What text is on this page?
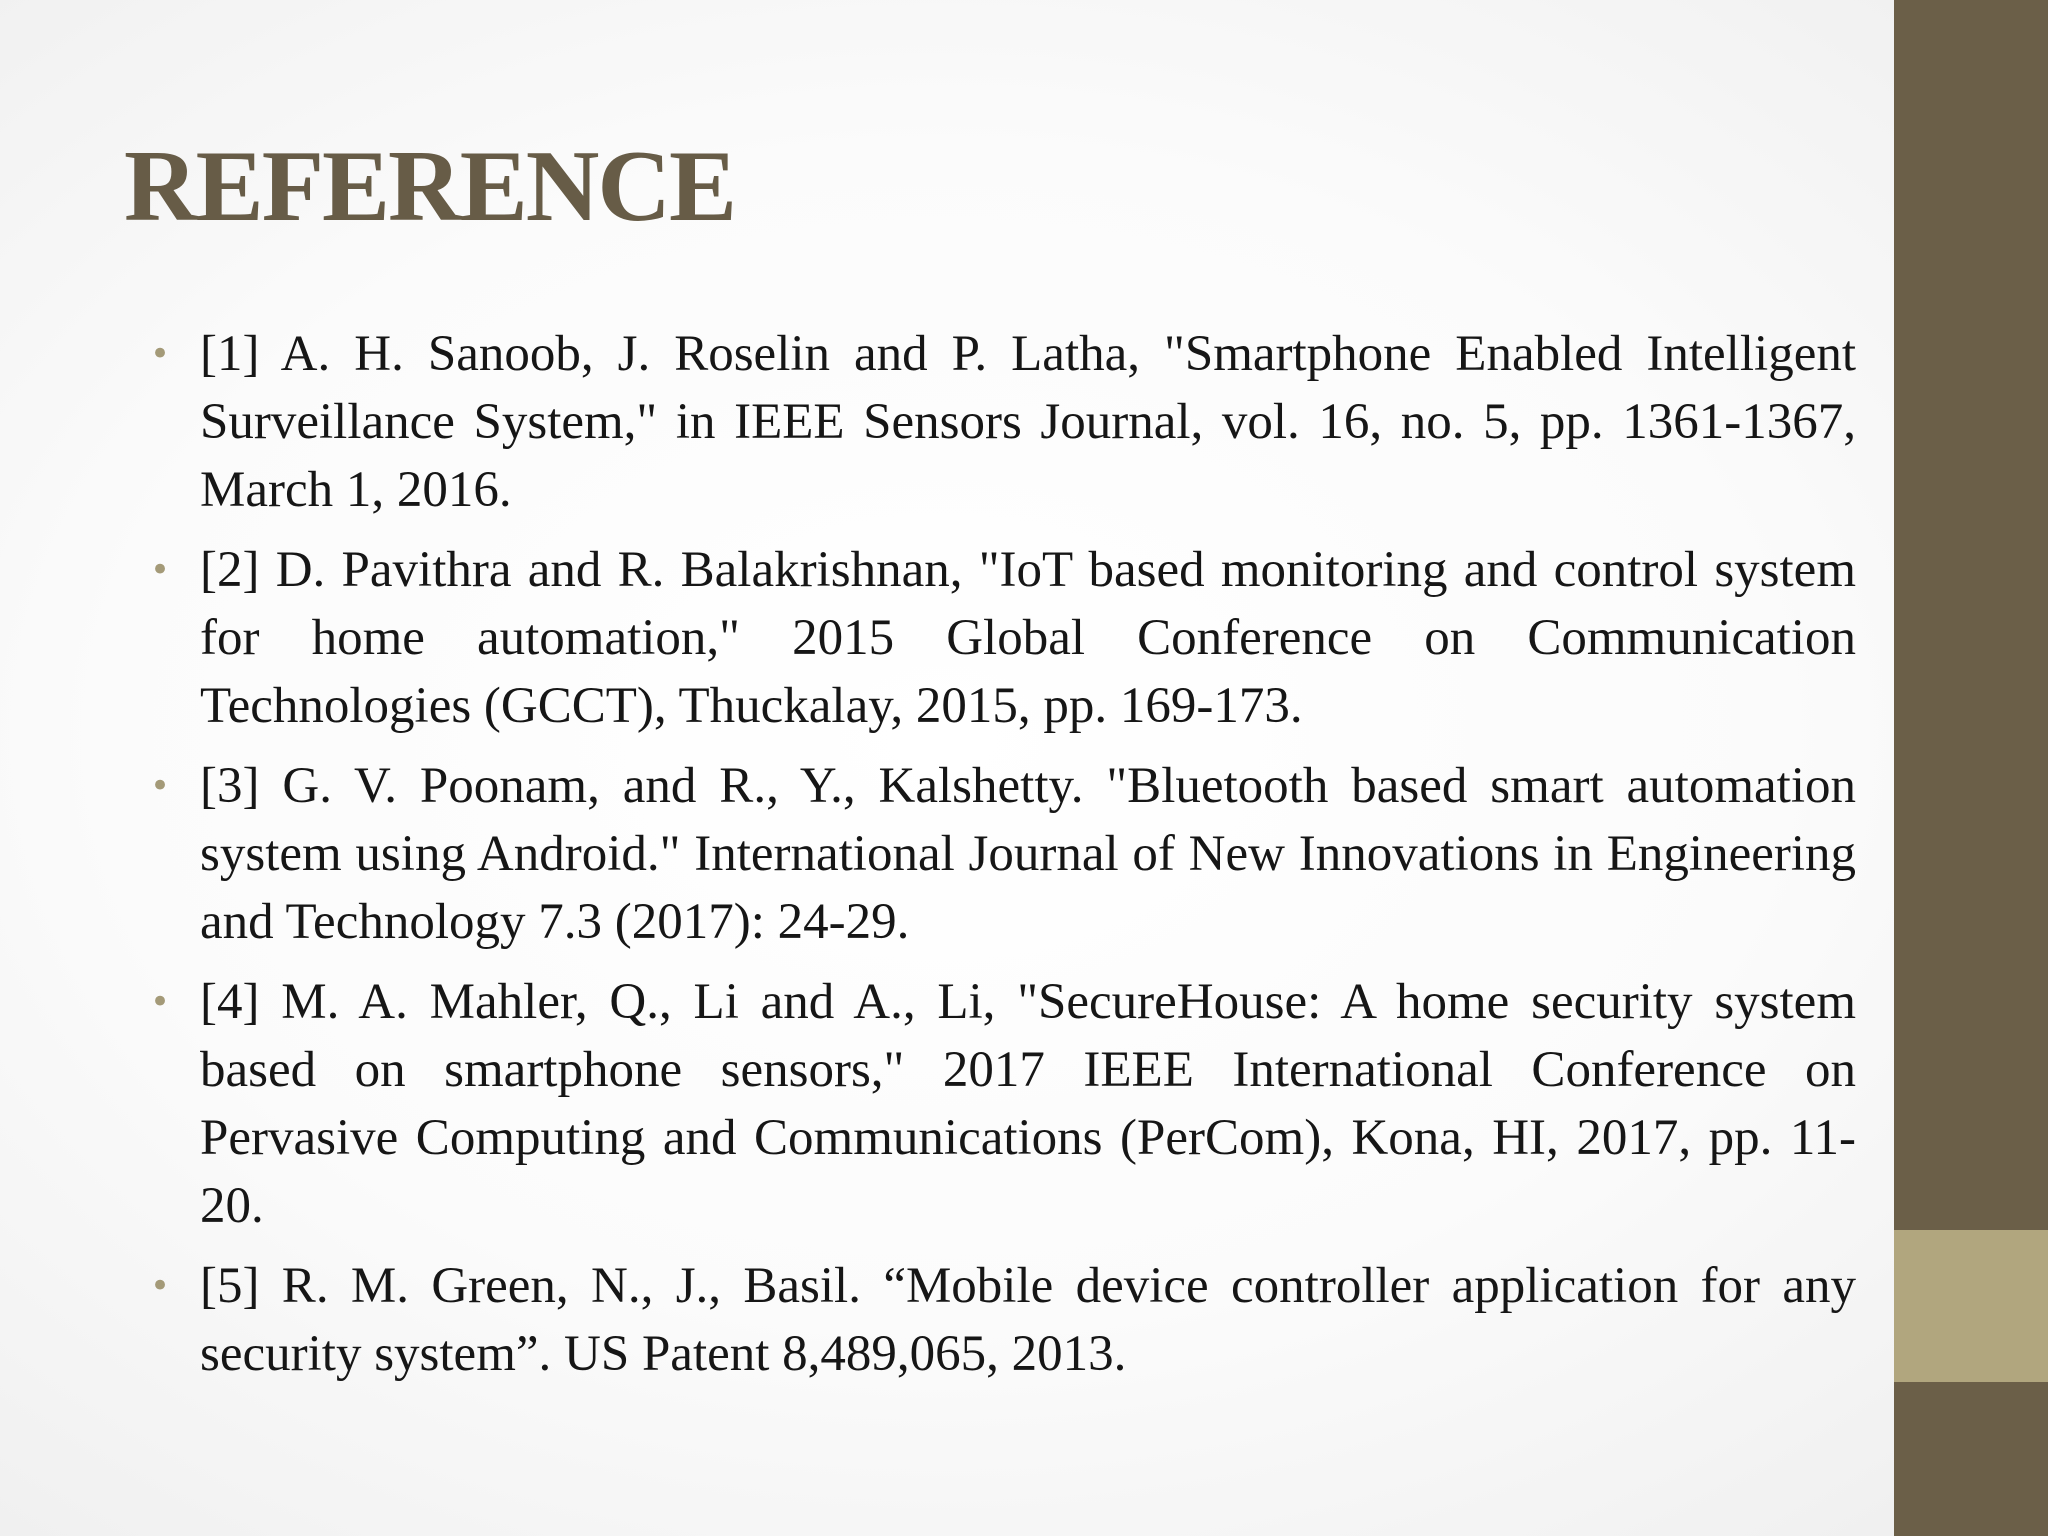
REFERENCE
• [1] A. H. Sanoob, J. Roselin and P. Latha, "Smartphone Enabled Intelligent Surveillance System," in IEEE Sensors Journal, vol. 16, no. 5, pp. 1361-1367, March 1, 2016.
• [2] D. Pavithra and R. Balakrishnan, "IoT based monitoring and control system for home automation," 2015 Global Conference on Communication Technologies (GCCT), Thuckalay, 2015, pp. 169-173.
• [3] G. V. Poonam, and R., Y., Kalshetty. "Bluetooth based smart automation system using Android." International Journal of New Innovations in Engineering and Technology 7.3 (2017): 24-29.
• [4] M. A. Mahler, Q., Li and A., Li, "SecureHouse: A home security system based on smartphone sensors," 2017 IEEE International Conference on Pervasive Computing and Communications (PerCom), Kona, HI, 2017, pp. 11-20.
• [5] R. M. Green, N., J., Basil. “Mobile device controller application for any security system”. US Patent 8,489,065, 2013.
